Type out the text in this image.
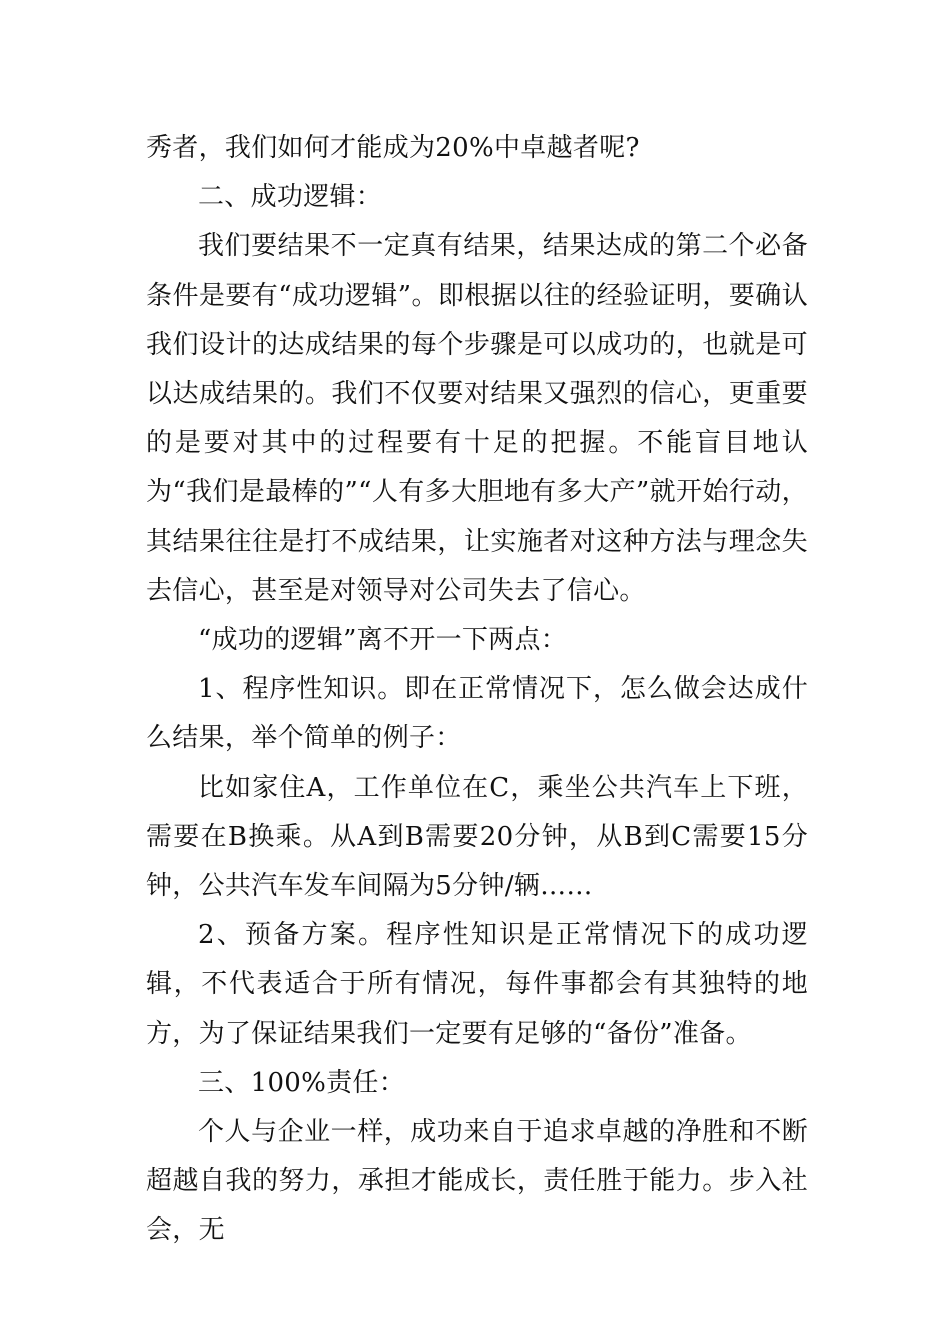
秀者，我们如何才能成为20%中卓越者呢?

二、成功逻辑：

我们要结果不一定真有结果，结果达成的第二个必备条件是要有“成功逻辑”。即根据以往的经验证明，要确认我们设计的达成结果的每个步骤是可以成功的，也就是可以达成结果的。我们不仅要对结果又强烈的信心，更重要的是要对其中的过程要有十足的把握。不能盲目地认为“我们是最棒的”“人有多大胆地有多大产”就开始行动，其结果往往是打不成结果，让实施者对这种方法与理念失去信心，甚至是对领导对公司失去了信心。

“成功的逻辑”离不开一下两点：

1、程序性知识。即在正常情况下，怎么做会达成什么结果，举个简单的例子：

比如家住A，工作单位在C，乘坐公共汽车上下班，需要在B换乘。从A到B需要20分钟，从B到C需要15分钟，公共汽车发车间隔为5分钟/辆……

2、预备方案。程序性知识是正常情况下的成功逻辑，不代表适合于所有情况，每件事都会有其独特的地方，为了保证结果我们一定要有足够的“备份”准备。

三、100%责任：

个人与企业一样，成功来自于追求卓越的净胜和不断超越自我的努力，承担才能成长，责任胜于能力。步入社会，无
